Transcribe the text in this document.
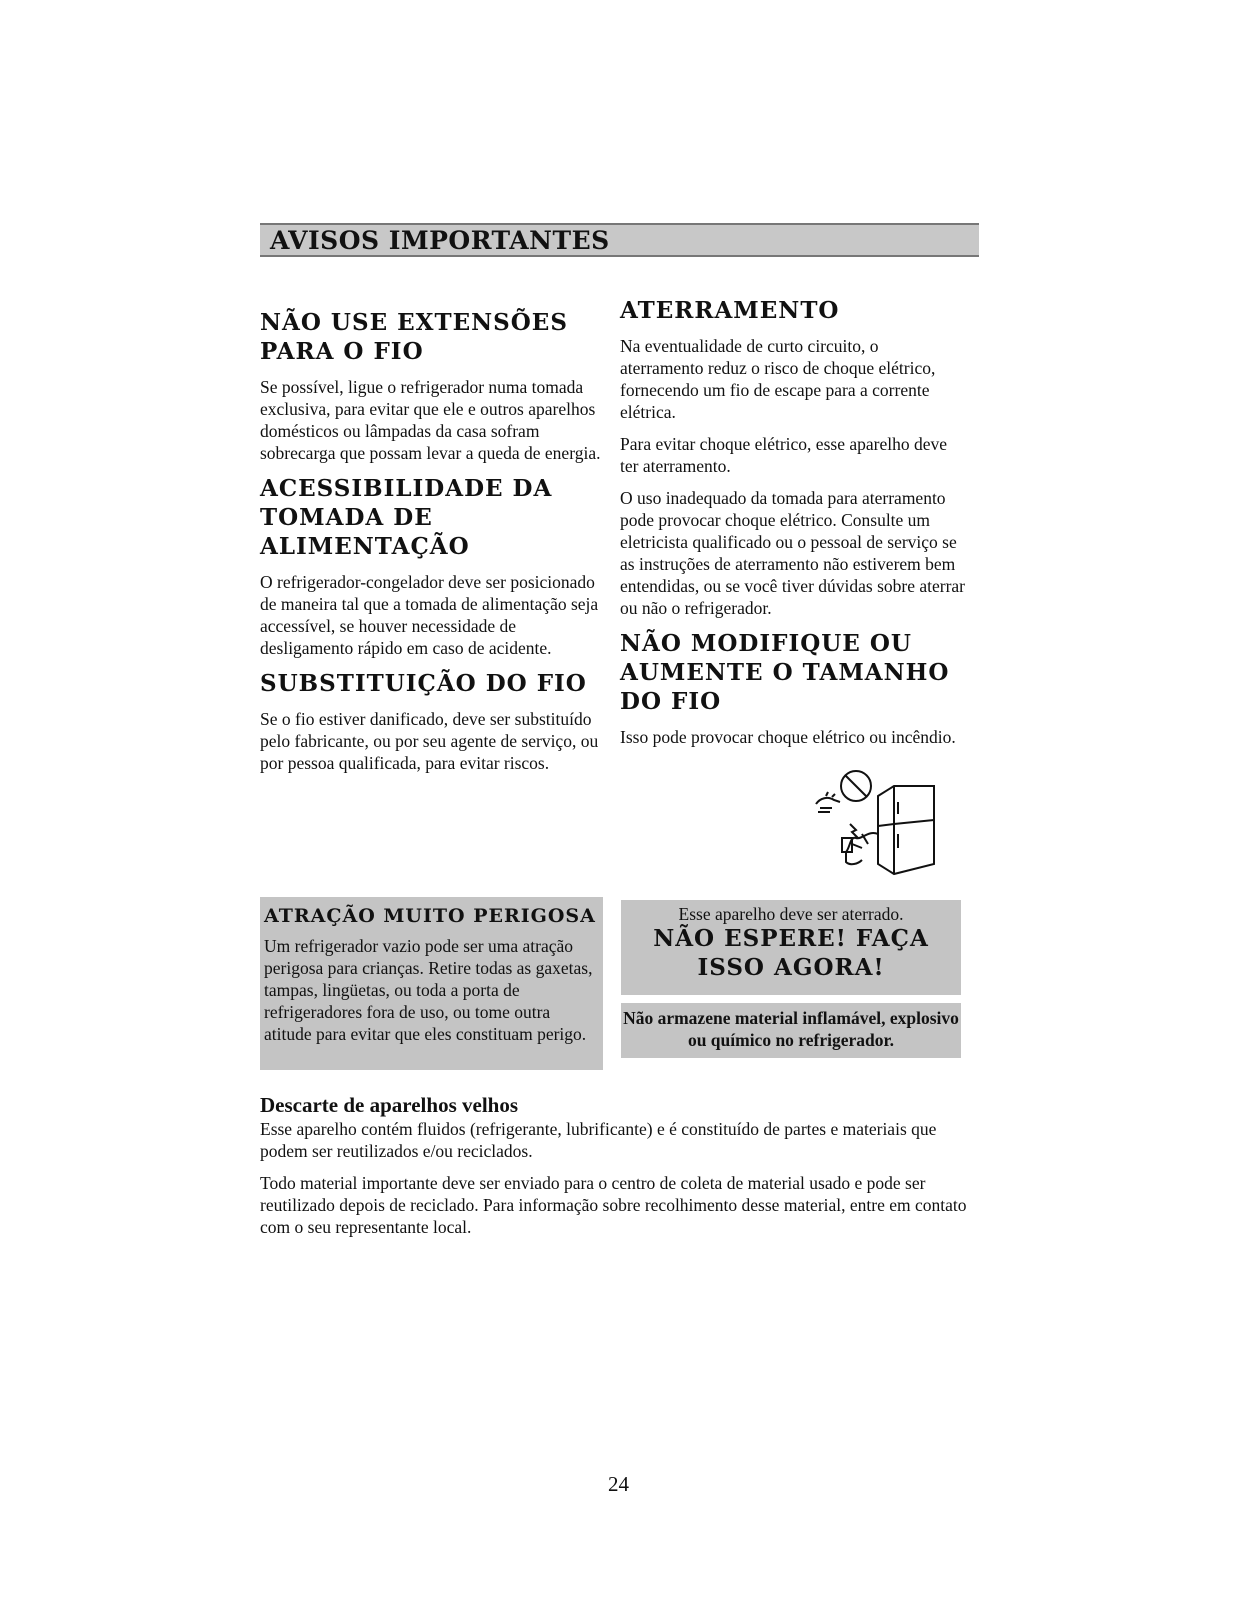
AVISOS IMPORTANTES
NÃO USE EXTENSÕES PARA O FIO

Se possível, ligue o refrigerador numa tomada exclusiva, para evitar que ele e outros aparelhos domésticos ou lâmpadas da casa sofram sobrecarga que possam levar a queda de energia.

ACESSIBILIDADE DA TOMADA DE ALIMENTAÇÃO

O refrigerador-congelador deve ser posicionado de maneira tal que a tomada de alimentação seja accessível, se houver necessidade de desligamento rápido em caso de acidente.

SUBSTITUIÇÃO DO FIO

Se o fio estiver danificado, deve ser substituído pelo fabricante, ou por seu agente de serviço, ou por pessoa qualificada, para evitar riscos.

ATERRAMENTO

Na eventualidade de curto circuito, o aterramento reduz o risco de choque elétrico, fornecendo um fio de escape para a corrente elétrica.

Para evitar choque elétrico, esse aparelho deve ter aterramento.

O uso inadequado da tomada para aterramento pode provocar choque elétrico. Consulte um eletricista qualificado ou o pessoal de serviço se as instruções de aterramento não estiverem bem entendidas, ou se você tiver dúvidas sobre aterrar ou não o refrigerador.

NÃO MODIFIQUE OU AUMENTE O TAMANHO DO FIO

Isso pode provocar choque elétrico ou incêndio.

ATRAÇÃO MUITO PERIGOSA

Um refrigerador vazio pode ser uma atração perigosa para crianças. Retire todas as gaxetas, tampas, lingüetas, ou toda a porta de refrigeradores fora de uso, ou tome outra atitude para evitar que eles constituam perigo.

Esse aparelho deve ser aterrado.
NÃO ESPERE! FAÇA ISSO AGORA!
Não armazene material inflamável, explosivo ou químico no refrigerador.
Descarte de aparelhos velhos

Esse aparelho contém fluidos (refrigerante, lubrificante) e é constituído de partes e materiais que podem ser reutilizados e/ou reciclados.

Todo material importante deve ser enviado para o centro de coleta de material usado e pode ser reutilizado depois de reciclado. Para informação sobre recolhimento desse material, entre em contato com o seu representante local.

24
